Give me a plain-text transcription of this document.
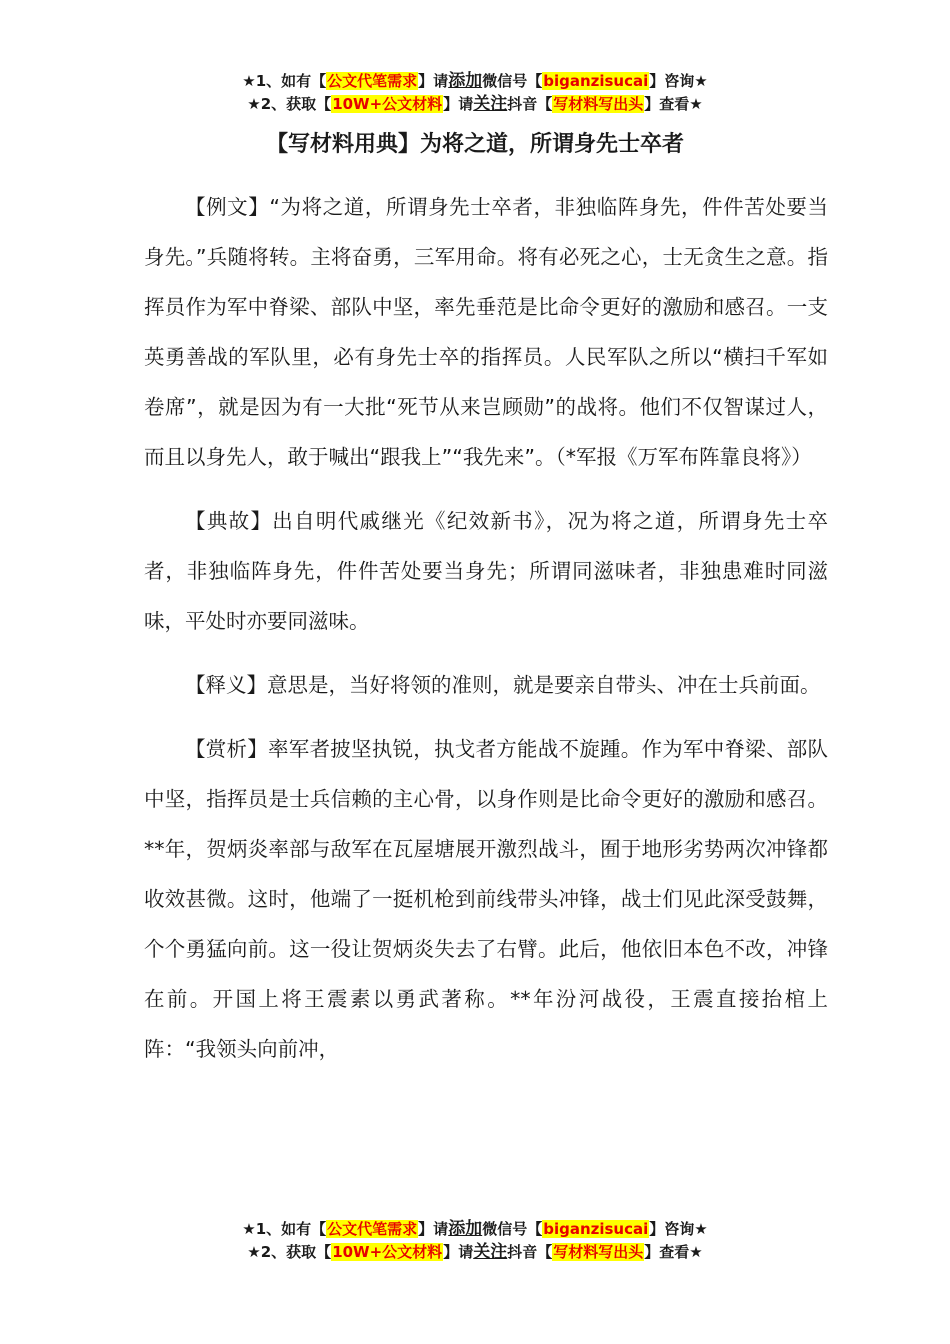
★1、如有【公文代笔需求】请添加微信号【biganzisucai】咨询★
★2、获取【10W+公文材料】请关注抖音【写材料写出头】查看★
【写材料用典】为将之道，所谓身先士卒者

【例文】“为将之道，所谓身先士卒者，非独临阵身先，件件苦处要当身先。”兵随将转。主将奋勇，三军用命。将有必死之心，士无贪生之意。指挥员作为军中脊梁、部队中坚，率先垂范是比命令更好的激励和感召。一支英勇善战的军队里，必有身先士卒的指挥员。人民军队之所以“横扫千军如卷席”，就是因为有一大批“死节从来岂顾勋”的战将。他们不仅智谋过人，而且以身先人，敢于喊出“跟我上”“我先来”。（*军报《万军布阵靠良将》）

【典故】出自明代戚继光《纪效新书》，况为将之道，所谓身先士卒者，非独临阵身先，件件苦处要当身先；所谓同滋味者，非独患难时同滋味，平处时亦要同滋味。

【释义】意思是，当好将领的准则，就是要亲自带头、冲在士兵前面。

【赏析】率军者披坚执锐，执戈者方能战不旋踵。作为军中脊梁、部队中坚，指挥员是士兵信赖的主心骨，以身作则是比命令更好的激励和感召。**年，贺炳炎率部与敌军在瓦屋塘展开激烈战斗，囿于地形劣势两次冲锋都收效甚微。这时，他端了一挺机枪到前线带头冲锋，战士们见此深受鼓舞，个个勇猛向前。这一役让贺炳炎失去了右臂。此后，他依旧本色不改，冲锋在前。开国上将王震素以勇武著称。**年汾河战役，王震直接抬棺上阵：“我领头向前冲，

★1、如有【公文代笔需求】请添加微信号【biganzisucai】咨询★
★2、获取【10W+公文材料】请关注抖音【写材料写出头】查看★
